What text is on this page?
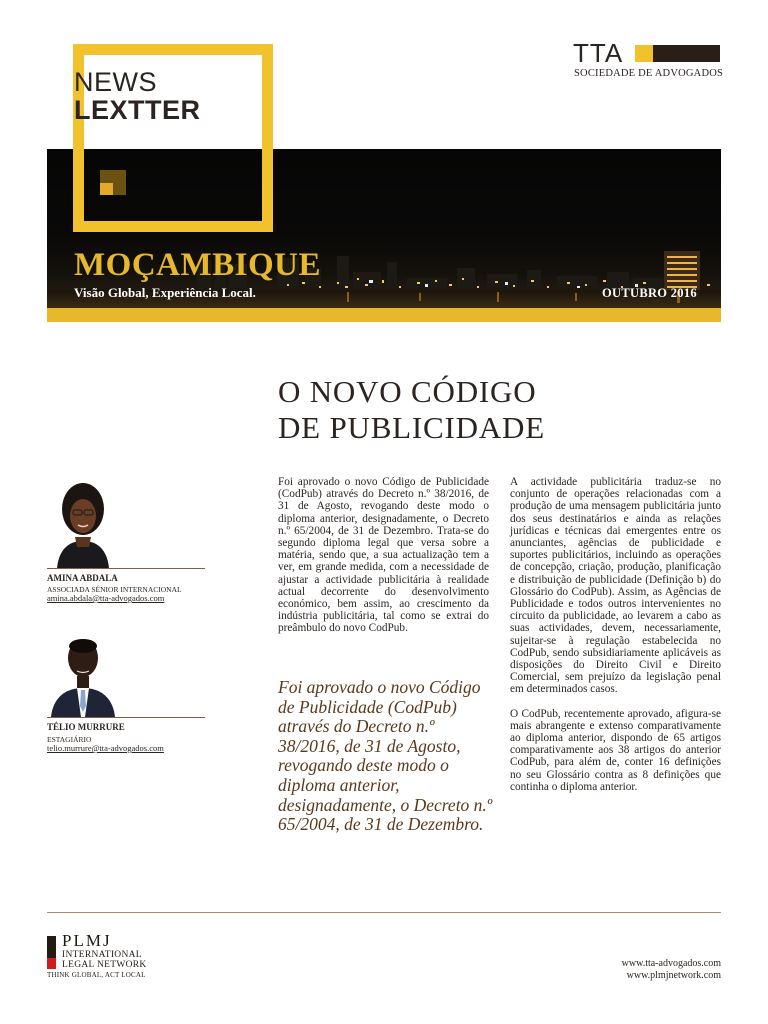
TTA
SOCIEDADE DE ADVOGADOS
NEWS
LEXTTER
MOÇAMBIQUE
Visão Global, Experiência Local.	OUTUBRO 2016
O NOVO CÓDIGO
DE PUBLICIDADE
AMINA ABDALA
ASSOCIADA SÉNIOR INTERNACIONAL
amina.abdala@tta-advogados.com
TÉLIO MURRURE
ESTAGIÁRIO
telio.murrure@tta-advogados.com

Foi aprovado o novo Código de Publicidade (CodPub) através do Decreto n.º 38/2016, de 31 de Agosto, revogando deste modo o diploma anterior, designadamente, o Decreto n.º 65/2004, de 31 de Dezembro. Trata-se do segundo diploma legal que versa sobre a matéria, sendo que, a sua actualização tem a ver, em grande medida, com a necessidade de ajustar a actividade publicitária à realidade actual decorrente do desenvolvimento económico, bem assim, ao crescimento da indústria publicitária, tal como se extrai do preâmbulo do novo CodPub.

Foi aprovado o novo Código de Publicidade (CodPub) através do Decreto n.º 38/2016, de 31 de Agosto, revogando deste modo o diploma anterior, designadamente, o Decreto n.º 65/2004, de 31 de Dezembro.

A actividade publicitária traduz-se no conjunto de operações relacionadas com a produção de uma mensagem publicitária junto dos seus destinatários e ainda as relações jurídicas e técnicas dai emergentes entre os anunciantes, agências de publicidade e suportes publicitários, incluindo as operações de concepção, criação, produção, planificação e distribuição de publicidade (Definição b) do Glossário do CodPub). Assim, as Agências de Publicidade e todos outros intervenientes no circuito da publicidade, ao levarem a cabo as suas actividades, devem, necessariamente, sujeitar-se à regulação estabelecida no CodPub, sendo subsidiariamente aplicáveis as disposições do Direito Civil e Direito Comercial, sem prejuízo da legislação penal em determinados casos.

O CodPub, recentemente aprovado, afigura-se mais abrangente e extenso comparativamente ao diploma anterior, dispondo de 65 artigos comparativamente aos 38 artigos do anterior CodPub, para além de, conter 16 definições no seu Glossário contra as 8 definições que continha o diploma anterior.

PLMJ
INTERNATIONAL
LEGAL NETWORK
THINK GLOBAL, ACT LOCAL
www.tta-advogados.com
www.plmjnetwork.com
